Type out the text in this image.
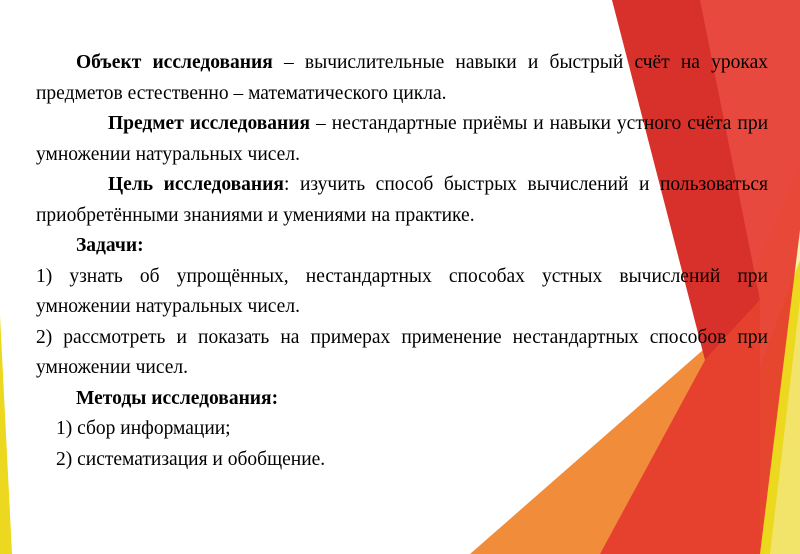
Объект исследования – вычислительные навыки и быстрый счёт на уроках предметов естественно – математического цикла.

Предмет исследования – нестандартные приёмы и навыки устного счёта при умножении натуральных чисел.

Цель исследования: изучить способ быстрых вычислений и пользоваться приобретёнными знаниями и умениями на практике.

Задачи:

1) узнать об упрощённых, нестандартных способах устных вычислений при умножении натуральных чисел.

2) рассмотреть и показать на примерах применение нестандартных способов при умножении чисел.

Методы исследования:

1) сбор информации;

2) систематизация и обобщение.
